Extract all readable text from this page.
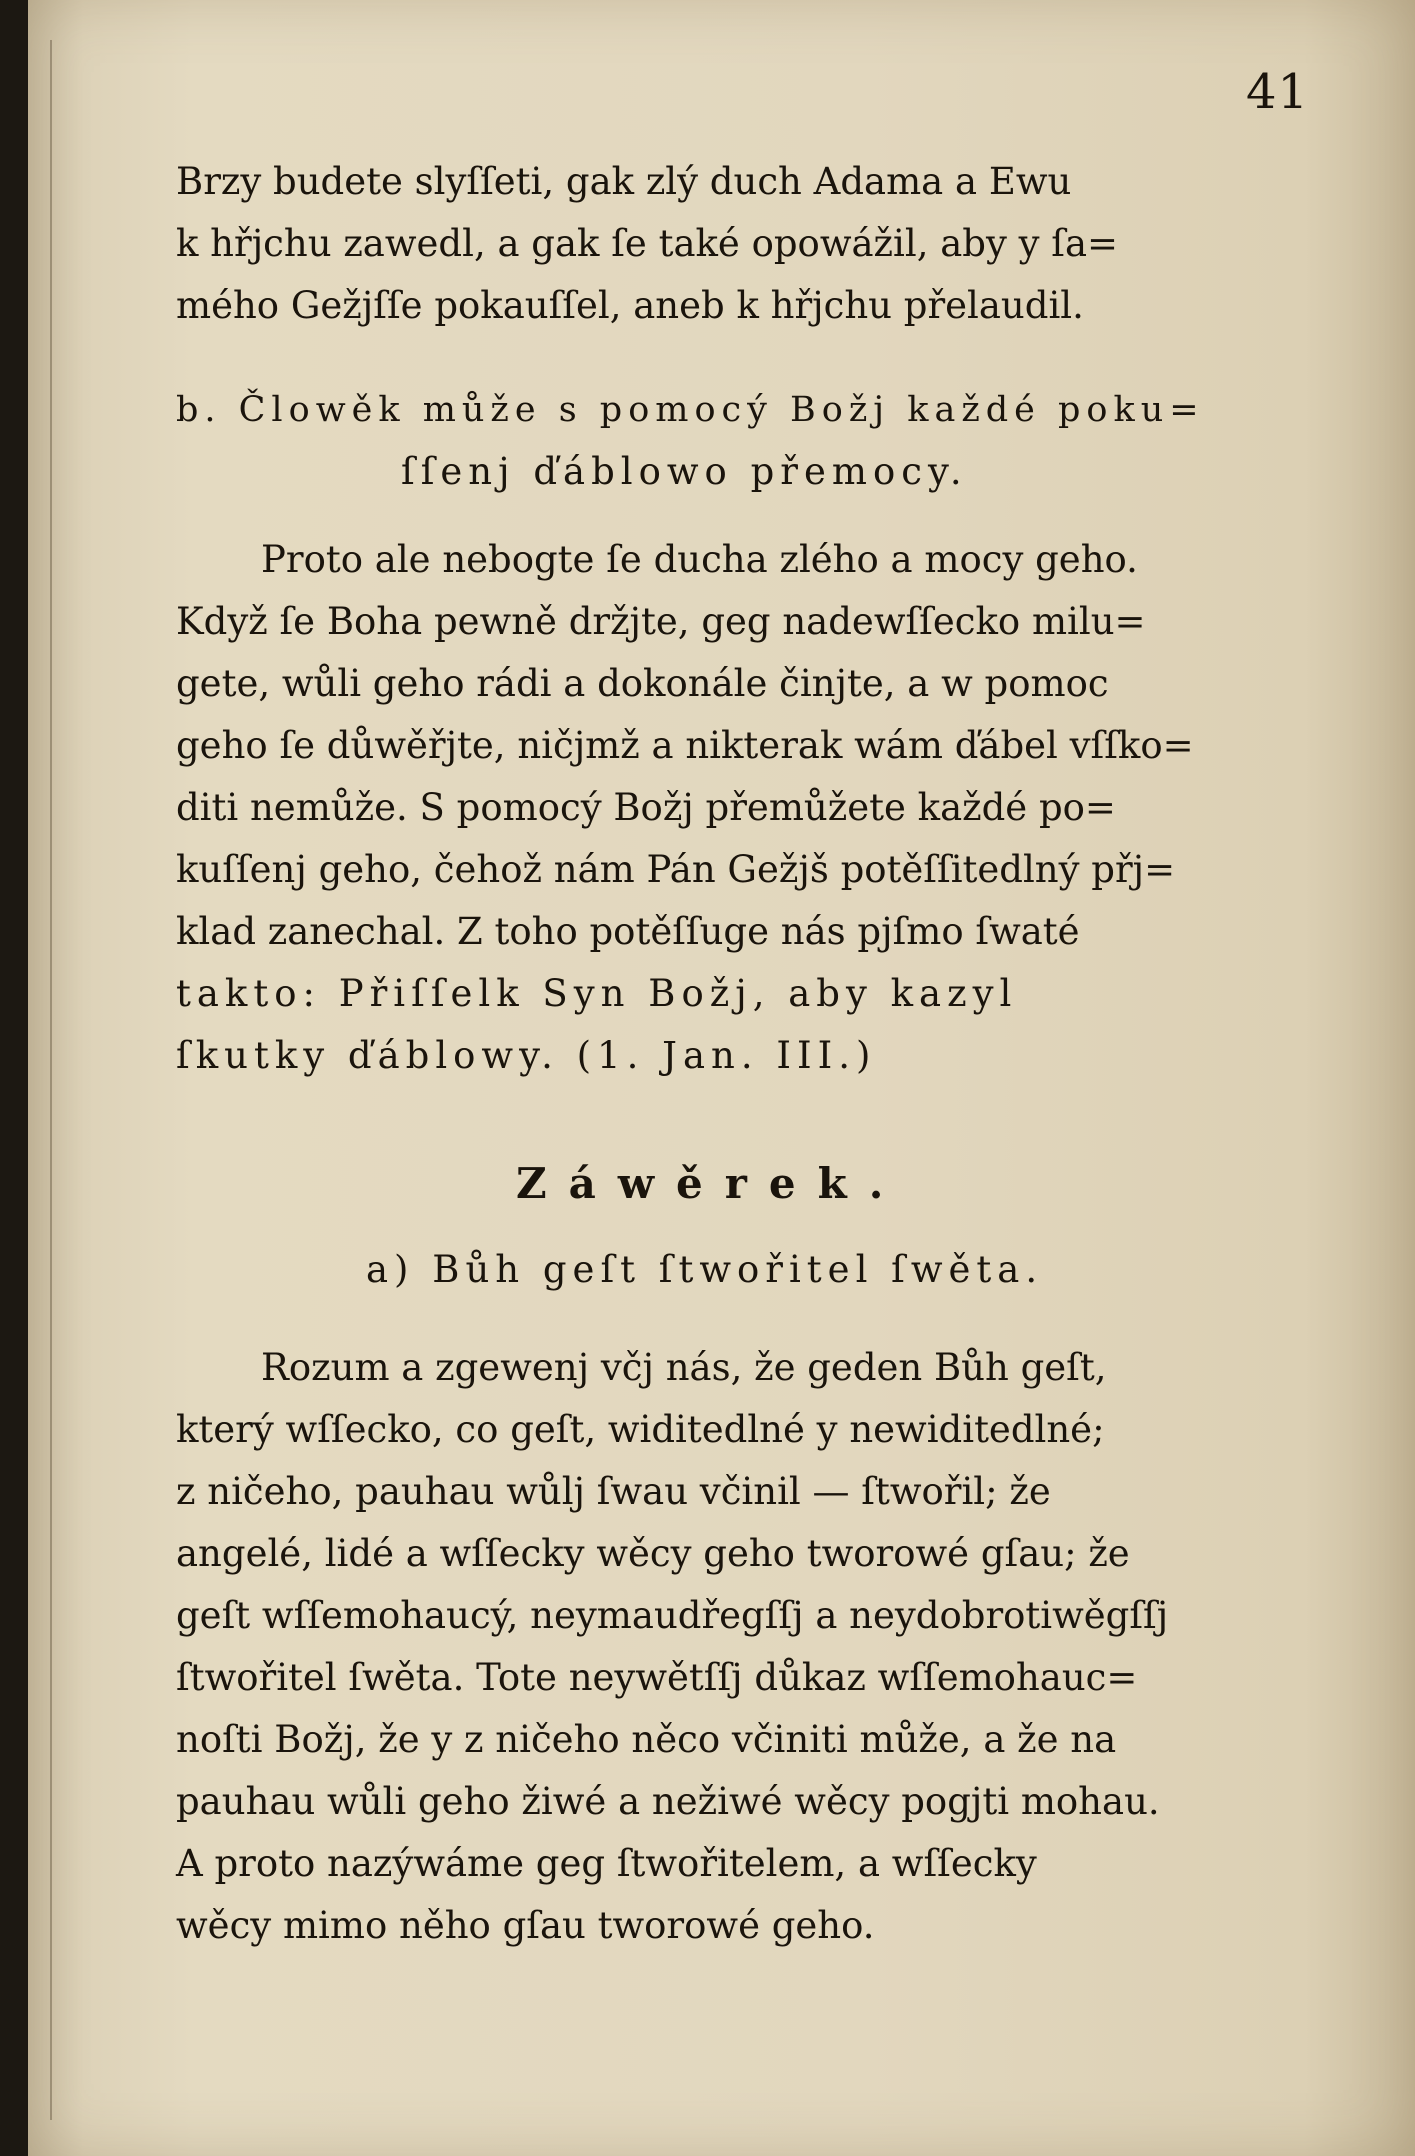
41
Brzy budete slyſſeti, gak zlý duch Adama a Ewu
k hřjchu zawedl, a gak ſe také opowážil, aby y ſa=
mého Gežjſſe pokauſſel, aneb k hřjchu přelaudil.
b. Člowěk může s pomocý Božj každé poku=
ſſenj ďáblowo přemocy.
Proto ale nebogte ſe ducha zlého a mocy geho.
Když ſe Boha pewně držjte, geg nadewſſecko milu=
gete, wůli geho rádi a dokonále činjte, a w pomoc
geho ſe důwěřjte, ničjmž a nikterak wám ďábel vſſko=
diti nemůže. S pomocý Božj přemůžete každé po=
kuſſenj geho, čehož nám Pán Gežjš potěſſitedlný přj=
klad zanechal. Z toho potěſſuge nás pjſmo ſwaté
takto: Přiſſelk Syn Božj, aby kazyl
ſkutky ďáblowy. (1. Jan. III.)
Záwěrek.
a) Bůh geſt ſtwořitel ſwěta.
Rozum a zgewenj včj nás, že geden Bůh geſt,
který wſſecko, co geſt, widitedlné y newiditedlné;
z ničeho, pauhau wůlj ſwau včinil — ſtwořil; že
angelé, lidé a wſſecky wěcy geho tworowé gſau; že
geſt wſſemohaucý, neymaudřegſſj a neydobrotiwěgſſj
ſtwořitel ſwěta. Tote neywětſſj důkaz wſſemohauc=
noſti Božj, že y z ničeho něco včiniti může, a že na
pauhau wůli geho žiwé a nežiwé wěcy pogjti mohau.
A proto nazýwáme geg ſtwořitelem, a wſſecky
wěcy mimo něho gſau tworowé geho.
